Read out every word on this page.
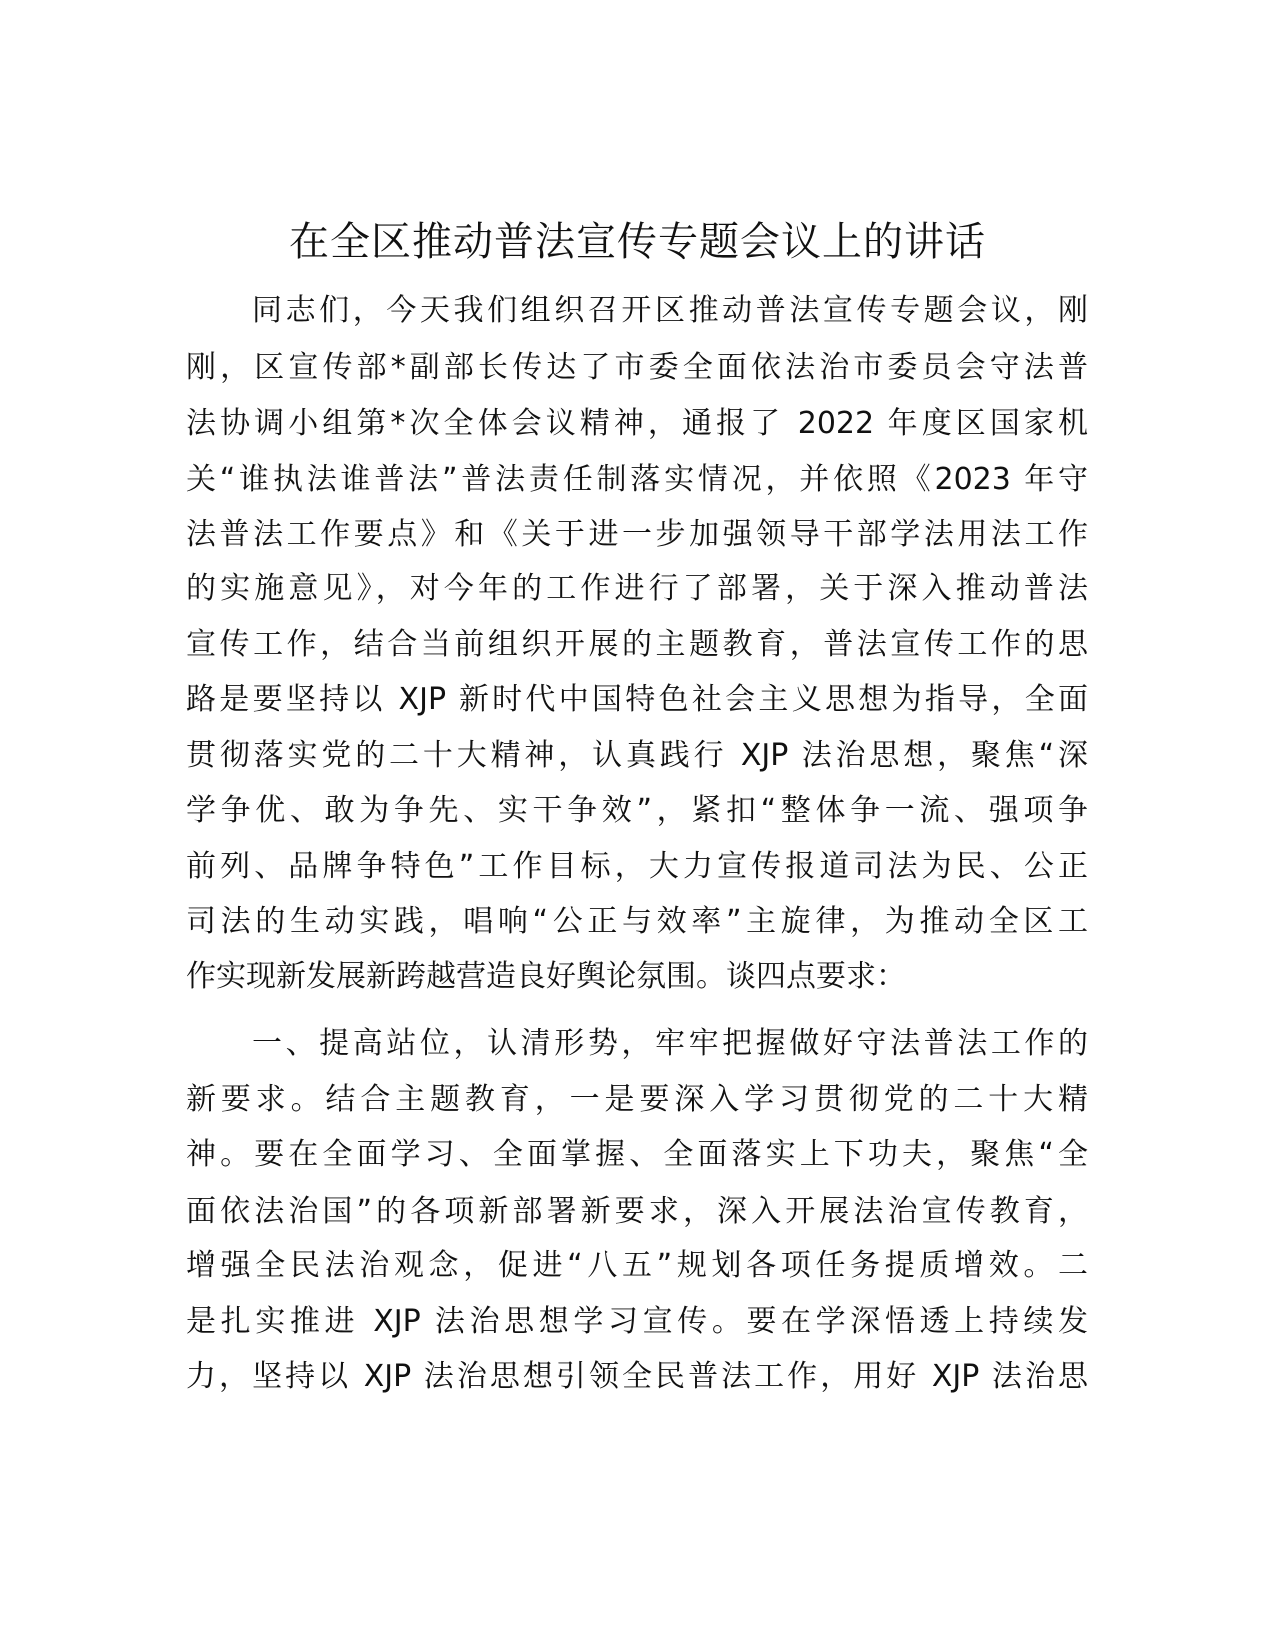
在全区推动普法宣传专题会议上的讲话

同志们，今天我们组织召开区推动普法宣传专题会议，刚

刚，区宣传部*副部长传达了市委全面依法治市委员会守法普

法协调小组第*次全体会议精神，通报了 2022 年度区国家机

关“谁执法谁普法”普法责任制落实情况，并依照《2023 年守

法普法工作要点》和《关于进一步加强领导干部学法用法工作

的实施意见》，对今年的工作进行了部署，关于深入推动普法

宣传工作，结合当前组织开展的主题教育，普法宣传工作的思

路是要坚持以 XJP 新时代中国特色社会主义思想为指导，全面

贯彻落实党的二十大精神，认真践行 XJP 法治思想，聚焦“深

学争优、敢为争先、实干争效”，紧扣“整体争一流、强项争

前列、品牌争特色”工作目标，大力宣传报道司法为民、公正

司法的生动实践，唱响“公正与效率”主旋律，为推动全区工

作实现新发展新跨越营造良好舆论氛围。谈四点要求：

一、提高站位，认清形势，牢牢把握做好守法普法工作的

新要求。结合主题教育，一是要深入学习贯彻党的二十大精

神。要在全面学习、全面掌握、全面落实上下功夫，聚焦“全

面依法治国”的各项新部署新要求，深入开展法治宣传教育，

增强全民法治观念，促进“八五”规划各项任务提质增效。二

是扎实推进 XJP 法治思想学习宣传。要在学深悟透上持续发

力，坚持以 XJP 法治思想引领全民普法工作，用好 XJP 法治思
